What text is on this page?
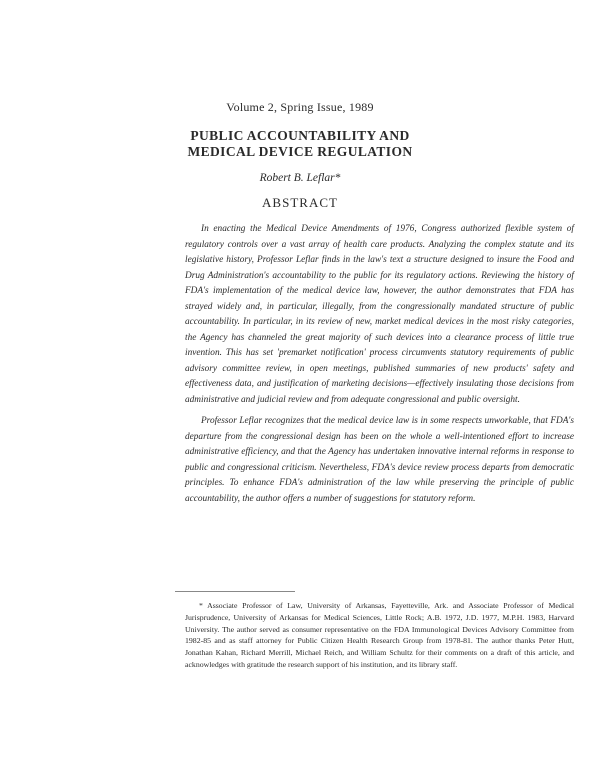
Volume 2, Spring Issue, 1989
PUBLIC ACCOUNTABILITY AND
MEDICAL DEVICE REGULATION
Robert B. Leflar*
ABSTRACT

In enacting the Medical Device Amendments of 1976, Congress authorized flexible system of regulatory controls over a vast array of health care products. Analyzing the complex statute and its legislative history, Professor Leflar finds in the law's text a structure designed to insure the Food and Drug Administration's accountability to the public for its regulatory actions. Reviewing the history of FDA's implementation of the medical device law, however, the author demonstrates that FDA has strayed widely and, in particular, illegally, from the congressionally mandated structure of public accountability. In particular, in its review of new, market medical devices in the most risky categories, the Agency has channeled the great majority of such devices into a clearance process of little true invention. This has set 'premarket notification' process circumvents statutory requirements of public advisory committee review, in open meetings, published summaries of new products' safety and effectiveness data, and justification of marketing decisions—effectively insulating those decisions from administrative and judicial review and from adequate congressional and public oversight.

Professor Leflar recognizes that the medical device law is in some respects unworkable, that FDA's departure from the congressional design has been on the whole a well-intentioned effort to increase administrative efficiency, and that the Agency has undertaken innovative internal reforms in response to public and congressional criticism. Nevertheless, FDA's device review process departs from democratic principles. To enhance FDA's administration of the law while preserving the principle of public accountability, the author offers a number of suggestions for statutory reform.

* Associate Professor of Law, University of Arkansas, Fayetteville, Ark. and Associate Professor of Medical Jurisprudence, University of Arkansas for Medical Sciences, Little Rock; A.B. 1972, J.D. 1977, M.P.H. 1983, Harvard University. The author served as consumer representative on the FDA Immunological Devices Advisory Committee from 1982-85 and as staff attorney for Public Citizen Health Research Group from 1978-81. The author thanks Peter Hutt, Jonathan Kahan, Richard Merrill, Michael Reich, and William Schultz for their comments on a draft of this article, and acknowledges with gratitude the research support of his institution, and its library staff.
